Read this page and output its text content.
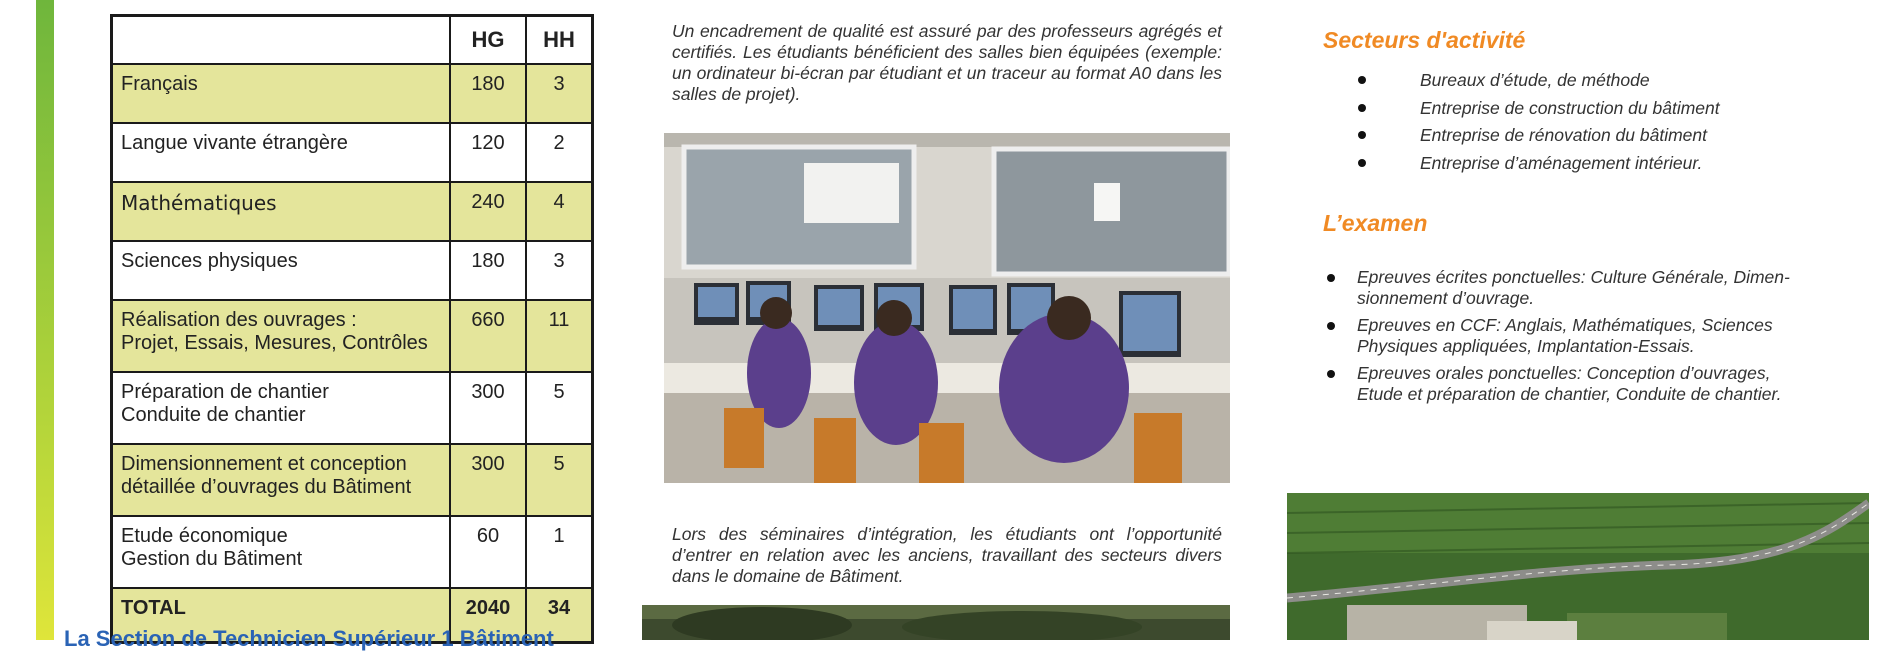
	HG	HH
Français	180	3
Langue vivante étrangère	120	2
Mathématiques	240	4
Sciences physiques	180	3
Réalisation des ouvrages :
Projet, Essais, Mesures, Contrôles	660	11
Préparation de chantier
Conduite de chantier	300	5
Dimensionnement et conception
détaillée d’ouvrages du Bâtiment	300	5
Etude économique
Gestion du Bâtiment	60	1
TOTAL	2040	34
La Section de Technicien Supérieur 1 Bâtiment

Un encadrement de qualité est assuré par des professeurs agrégés et certifiés. Les étudiants bénéficient des salles bien équipées (exemple: un ordinateur bi-écran par étudiant et un traceur au format A0 dans les salles de projet).

Lors des séminaires d’intégration, les étudiants ont l’opportunité d’entrer en relation avec les anciens, travaillant des secteurs divers dans le domaine de Bâtiment.

Secteurs d'activité
Bureaux d’étude, de méthode
Entreprise de construction du bâtiment
Entreprise de rénovation du bâtiment
Entreprise d’aménagement intérieur.
L’examen
Epreuves écrites ponctuelles: Culture Générale, Dimen-sionnement d’ouvrage.
Epreuves en CCF: Anglais, Mathématiques, Sciences Physiques appliquées, Implantation-Essais.
Epreuves orales ponctuelles: Conception d’ouvrages, Etude et préparation de chantier, Conduite de chantier.
